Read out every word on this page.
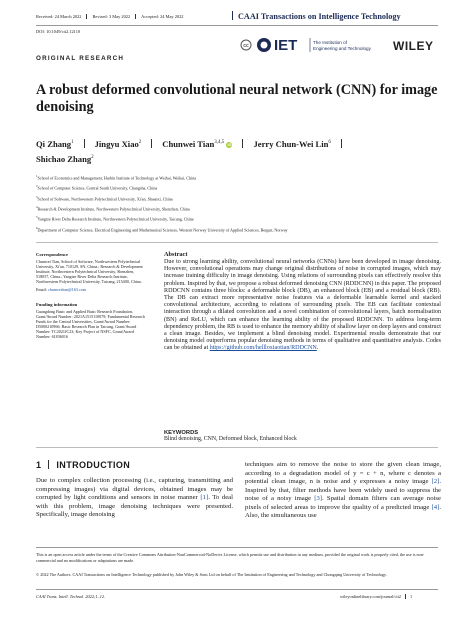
Received: 24 March 2022	Revised: 3 May 2022	Accepted: 24 May 2022	CAAI Transactions on Intelligence Technology
DOI: 10.1049/cit2.12110
cc IET	The Institution of
Engineering and Technology WILEY
ORIGINAL RESEARCH
A robust deformed convolutional neural network (CNN) for image denoising
Qi Zhang$^1$ Jingyu Xiao$^2$ Chunwei Tian$^{3,4,5}$ iD	Jerry Chun-Wei Lin$^6$
Shichao Zhang$^2$
$^1$School of Economics and Management, Harbin Institute of Technology at Weihai, Weihai, China
$^2$School of Computer Science, Central South University, Changsha, China
$^3$School of Software, Northwestern Polytechnical University, Xi'an, Shaanxi, China
$^4$Research & Development Institute, Northwestern Polytechnical University, Shenzhen, China
$^5$Yangtze River Delta Research Institute, Northwestern Polytechnical University, Taicang, China
$^6$Department of Computer Science, Electrical Engineering and Mathematical Sciences, Western Norway University of Applied Sciences, Bergen, Norway
Correspondence
Chunwei Tian, School of Software, Northwestern Polytechnical University, Xi'an, 710129, SN, China.; Research & Development Institute, Northwestern Polytechnical University, Shenzhen, 518057, China.; Yangtze River Delta Research Institute, Northwestern Polytechnical University, Taicang, 215400, China.
Email: chunweitian@163.com
Funding information
Guangdong Basic and Applied Basic Research Foundation, Grant/Award Number: 2021A1515110079; Fundamental Research Funds for the Central Universities, Grant/Award Number: D5000210966; Basic Research Plan in Taicang, Grant/Award Number: TC2021JC23; Key Project of NSFC, Grant/Award Number: 61836016
Abstract
Due to strong learning ability, convolutional neural networks (CNNs) have been developed in image denoising. However, convolutional operations may change original distributions of noise in corrupted images, which may increase training difficulty in image denoising. Using relations of surrounding pixels can effectively resolve this problem. Inspired by that, we propose a robust deformed denoising CNN (RDDCNN) in this paper. The proposed RDDCNN contains three blocks: a deformable block (DB), an enhanced block (EB) and a residual block (RB). The DB can extract more representative noise features via a deformable learnable kernel and stacked convolutional architecture, according to relations of surrounding pixels. The EB can facilitate contextual interaction through a dilated convolution and a novel combination of convolutional layers, batch normalisation (BN) and ReLU, which can enhance the learning ability of the proposed RDDCNN. To address long-term dependency problem, the RB is used to enhance the memory ability of shallow layer on deep layers and construct a clean image. Besides, we implement a blind denoising model. Experimental results demonstrate that our denoising model outperforms popular denoising methods in terms of qualitative and quantitative analysis. Codes can be obtained at https://github.com/hellloxiaotian/RDDCNN.
KEYWORDS
Blind denoising, CNN, Deformed block, Enhanced block
1 INTRODUCTION
Due to complex collection processing (i.e., capturing, transmitting and compressing images) via digital devices, obtained images may be corrupted by light conditions and sensors in noise manner [1]. To deal with this problem, image denoising techniques were presented. Specifically, image denoising
techniques aim to remove the noise to store the given clean image, according to a degradation model of y = c + n, where c denotes a potential clean image, n is noise and y expresses a noisy image [2]. Inspired by that, filter methods have been widely used to suppress the noise of a noisy image [3]. Spatial domain filters can average noise pixels of selected areas to improve the quality of a predicted image [4]. Also, the simultaneous use
This is an open access article under the terms of the Creative Commons Attribution-NonCommercial-NoDerivs License, which permits use and distribution in any medium, provided the original work is properly cited, the use is non-commercial and no modifications or adaptations are made.
© 2022 The Authors. CAAI Transactions on Intelligence Technology published by John Wiley & Sons Ltd on behalf of The Institution of Engineering and Technology and Chongqing University of Technology.
CAAI Trans. Intell. Technol. 2022;1–12.	wileyonlinelibrary.com/journal/cit2 1
